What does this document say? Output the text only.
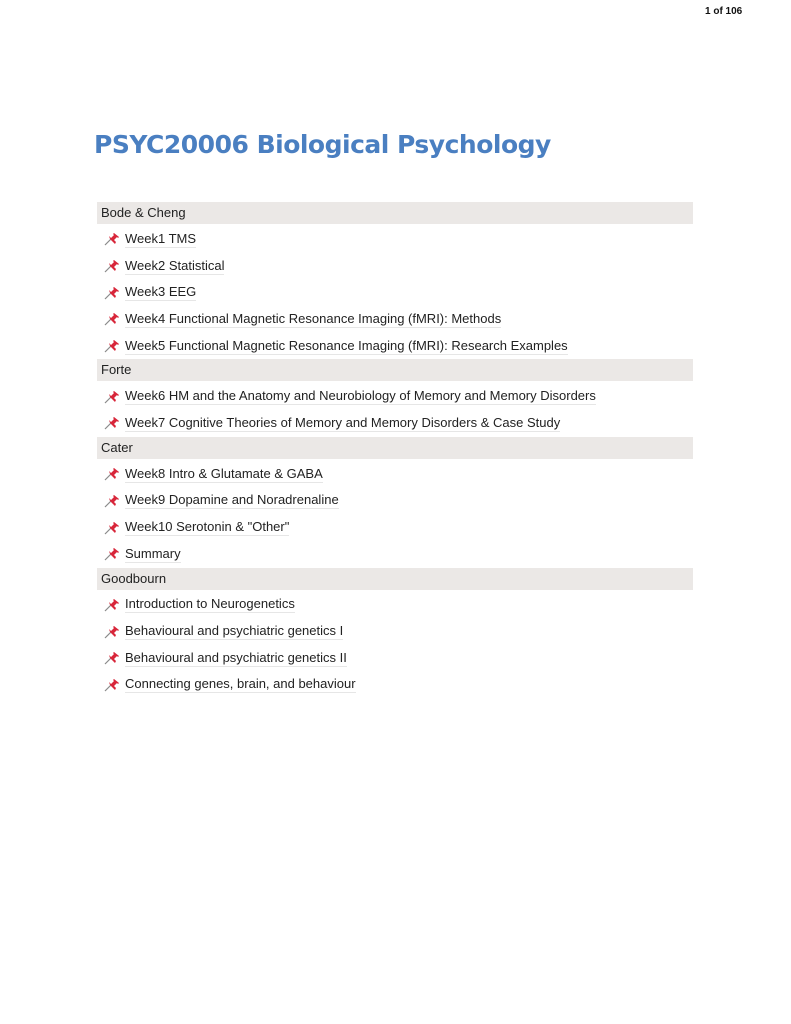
1 of 106
PSYC20006 Biological Psychology
Bode & Cheng
Week1 TMS
Week2 Statistical
Week3 EEG
Week4 Functional Magnetic Resonance Imaging (fMRI): Methods
Week5 Functional Magnetic Resonance Imaging (fMRI): Research Examples
Forte
Week6 HM and the Anatomy and Neurobiology of Memory and Memory Disorders
Week7 Cognitive Theories of Memory and Memory Disorders & Case Study
Cater
Week8 Intro & Glutamate & GABA
Week9 Dopamine and Noradrenaline
Week10 Serotonin & "Other"
Summary
Goodbourn
Introduction to Neurogenetics
Behavioural and psychiatric genetics I
Behavioural and psychiatric genetics II
Connecting genes, brain, and behaviour
